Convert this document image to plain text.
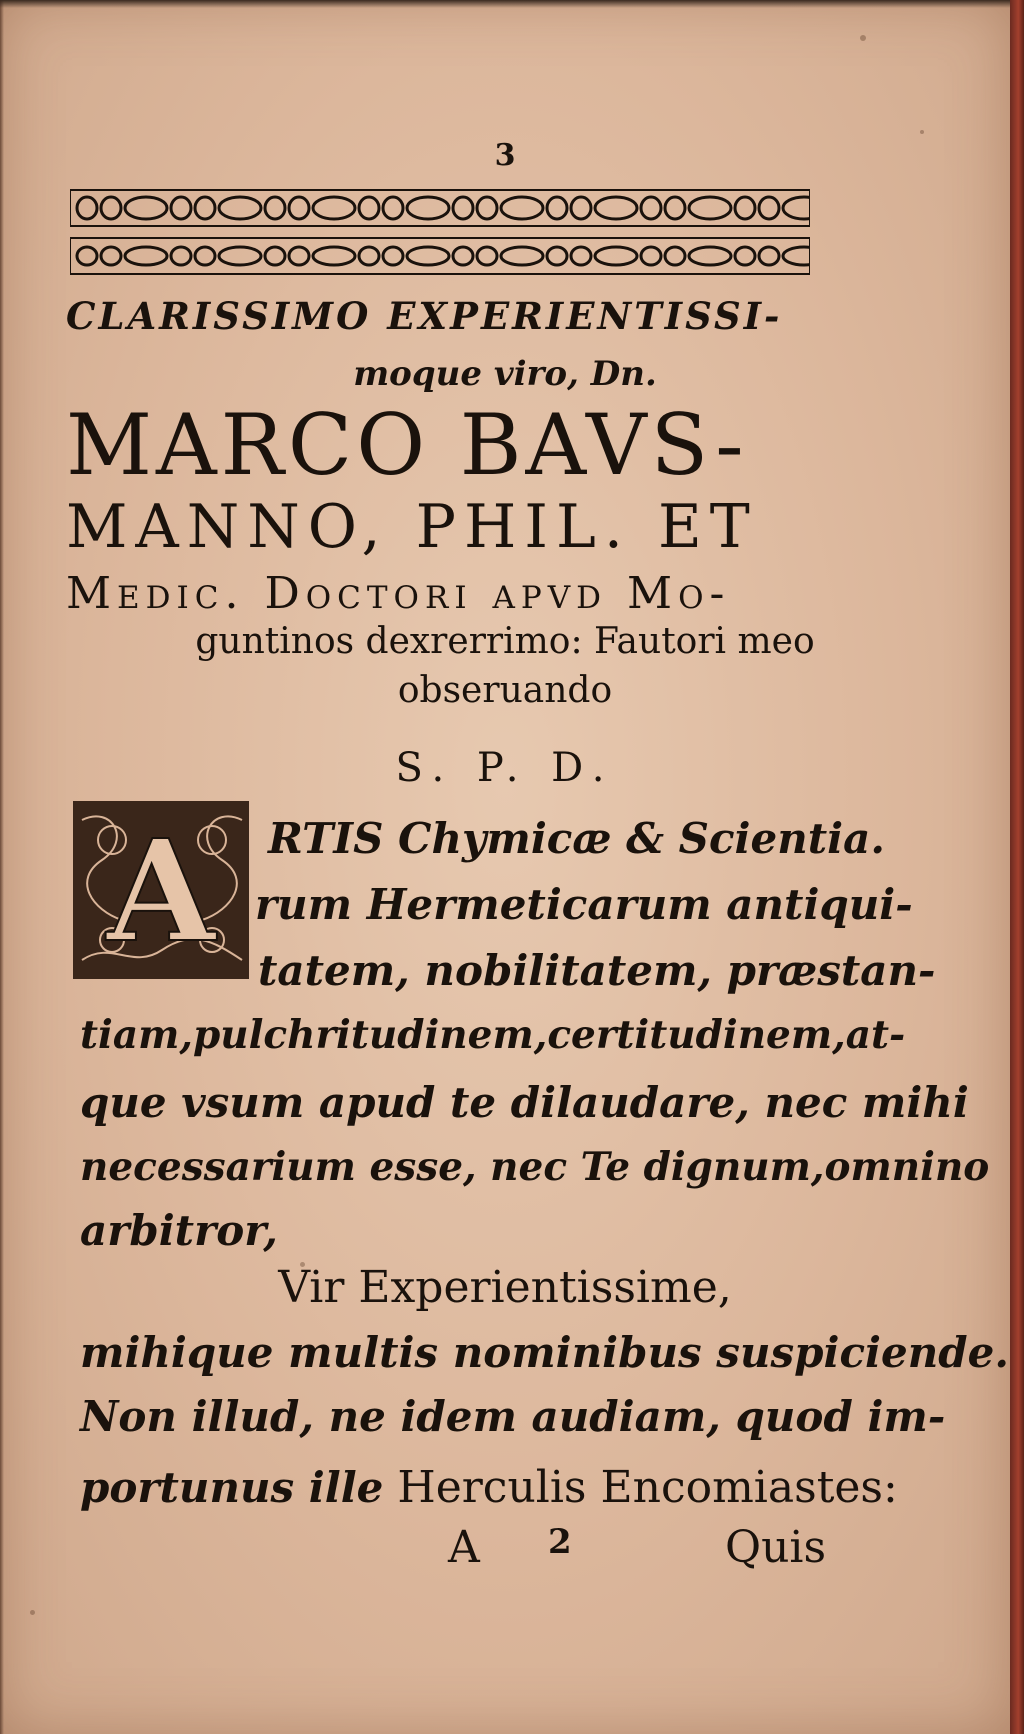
3
CLARISSIMO EXPERIENTISSI-
moque viro, Dn.
MARCO BAVS-
MANNO, PHIL. ET
Medic. Doctori apvd Mo-
guntinos dexrerrimo: Fautori meo
obseruando
S. P. D.
A RTIS Chymicæ & Scientia.
rum Hermeticarum antiqui-
tatem, nobilitatem, præstan-
tiam,pulchritudinem,certitudinem,at-
que vsum apud te dilaudare, nec mihi
necessarium esse, nec Te dignum,omnino
arbitror,
Vir Experientissime,
mihique multis nominibus suspiciende.
Non illud, ne idem audiam, quod im-
portunus ille Herculis Encomiastes:
A	2	Quis
